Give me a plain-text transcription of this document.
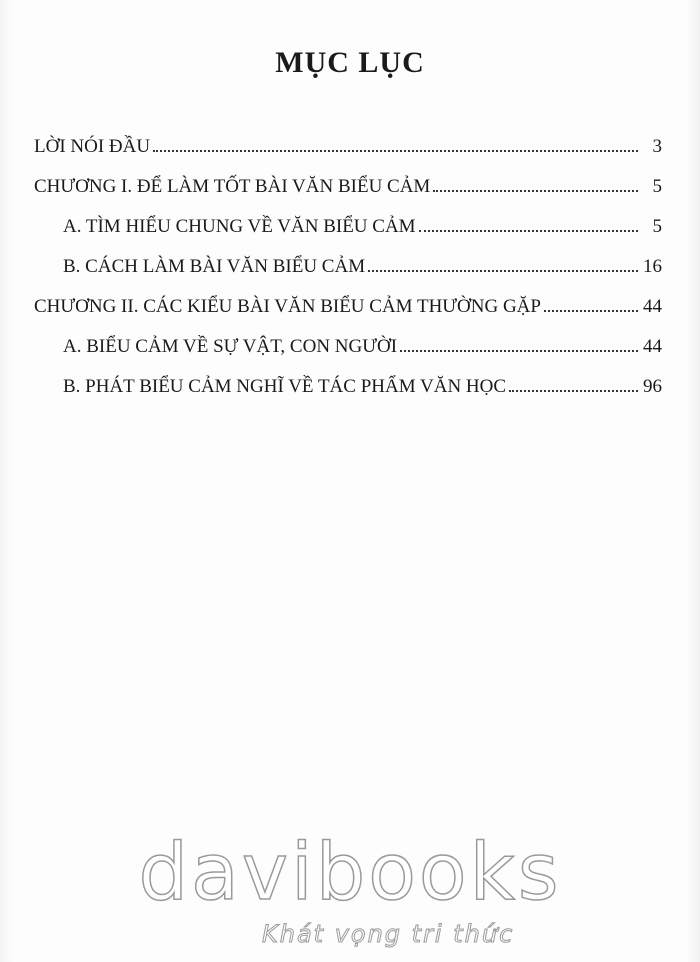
MỤC LỤC
LỜI NÓI ĐẦU	3
CHƯƠNG I. ĐỂ LÀM TỐT BÀI VĂN BIỂU CẢM	5
A. TÌM HIỂU CHUNG VỀ VĂN BIỂU CẢM	5
B. CÁCH LÀM BÀI VĂN BIỂU CẢM	16
CHƯƠNG II. CÁC KIỂU BÀI VĂN BIỂU CẢM THƯỜNG GẶP	44
A. BIỂU CẢM VỀ SỰ VẬT, CON NGƯỜI	44
B. PHÁT BIỂU CẢM NGHĨ VỀ TÁC PHẨM VĂN HỌC	96
davibooks
Khát vọng tri thức
